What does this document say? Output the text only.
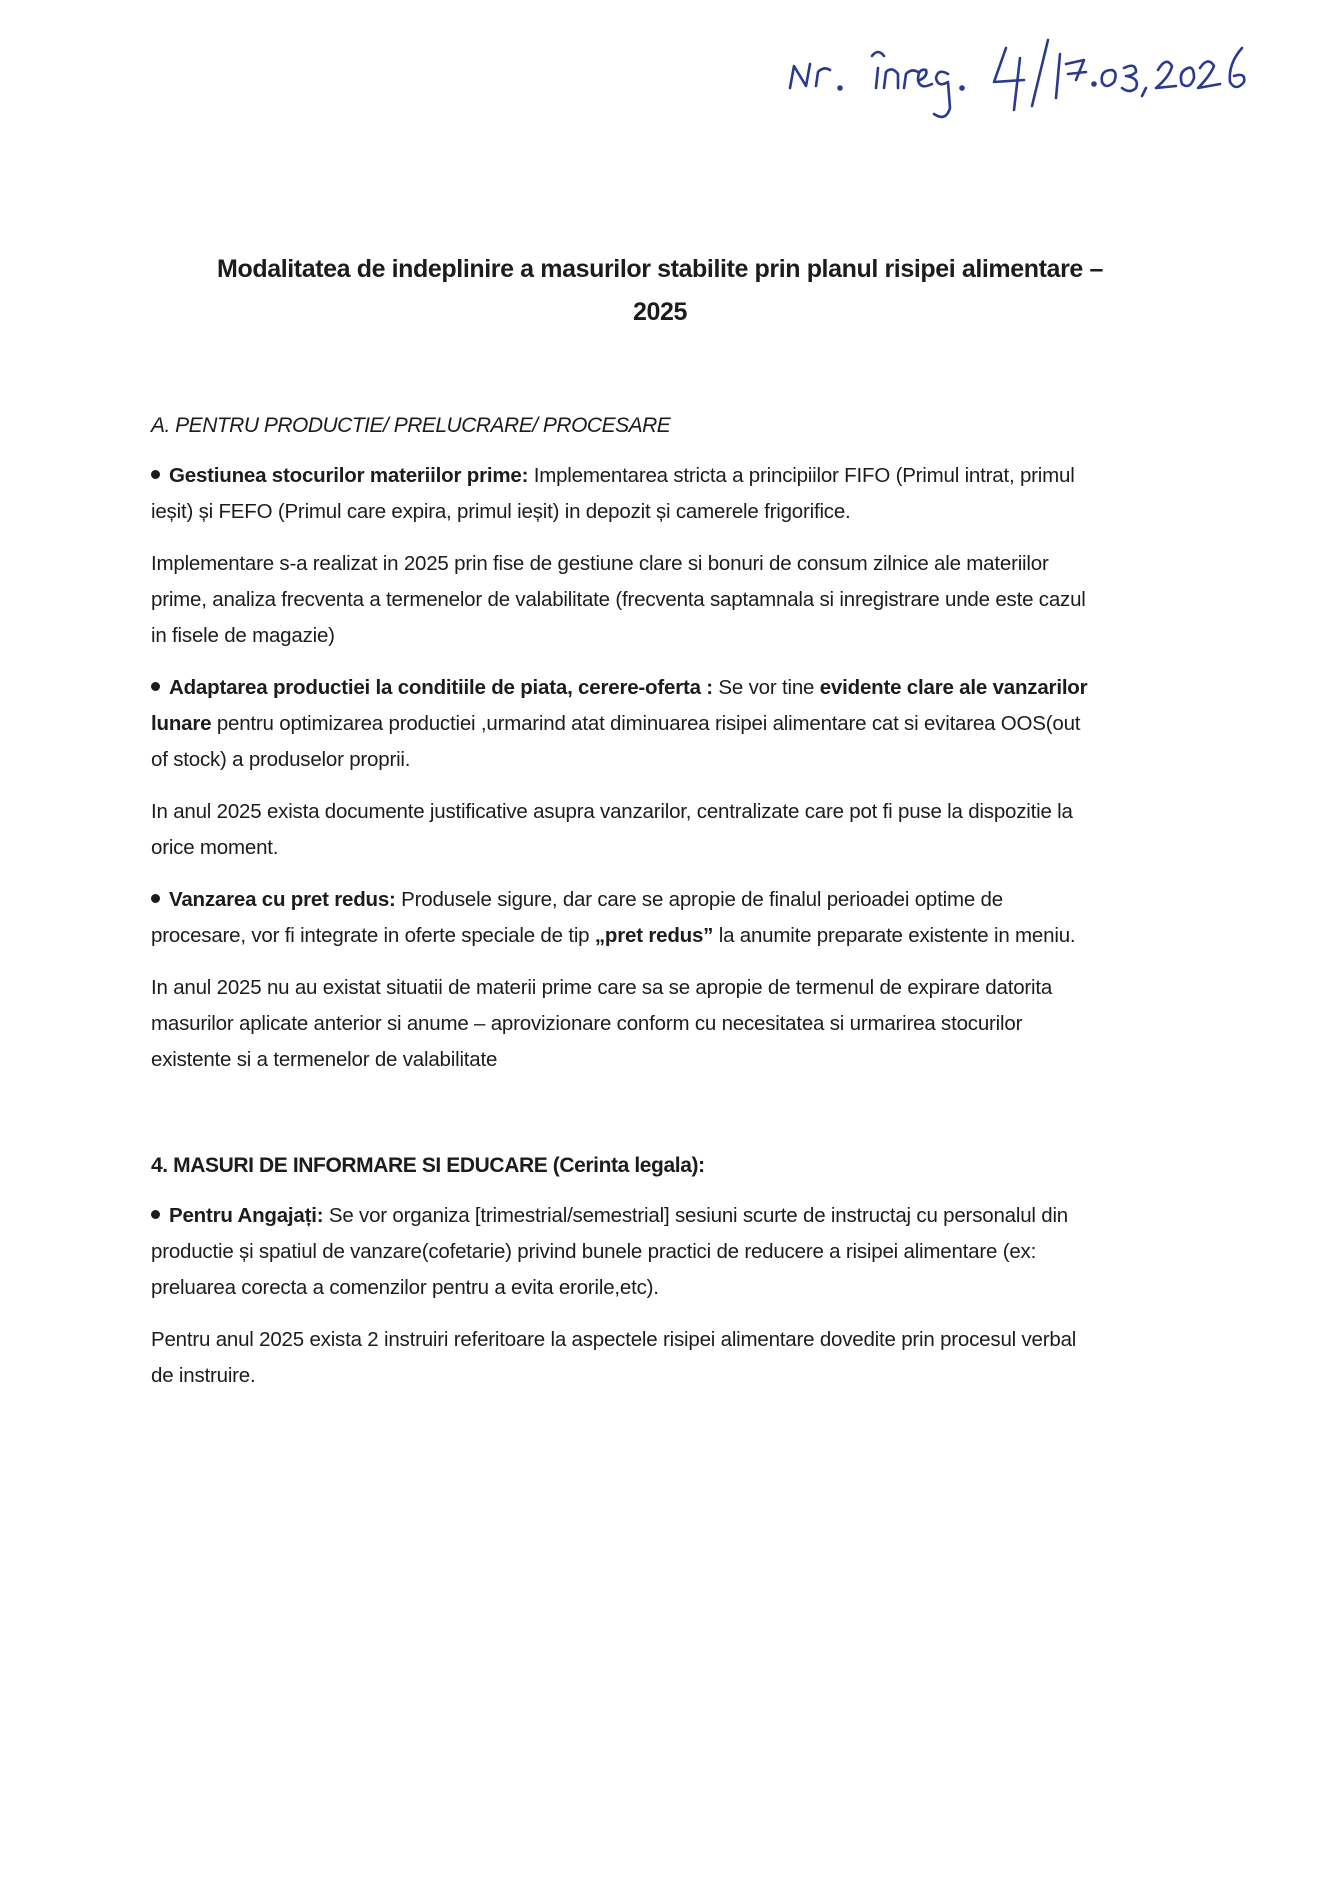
Modalitatea de indeplinire a masurilor stabilite prin planul risipei alimentare –
2025
A. PENTRU PRODUCTIE/ PRELUCRARE/ PROCESARE

Gestiunea stocurilor materiilor prime: Implementarea stricta a principiilor FIFO (Primul intrat, primul ieșit) și FEFO (Primul care expira, primul ieșit) in depozit și camerele frigorifice.

Implementare s-a realizat in 2025 prin fise de gestiune clare si bonuri de consum zilnice ale materiilor prime, analiza frecventa a termenelor de valabilitate (frecventa saptamnala si inregistrare unde este cazul in fisele de magazie)

Adaptarea productiei la conditiile de piata, cerere-oferta : Se vor tine evidente clare ale vanzarilor lunare pentru optimizarea productiei ,urmarind atat diminuarea risipei alimentare cat si evitarea OOS(out of stock) a produselor proprii.

In anul 2025 exista documente justificative asupra vanzarilor, centralizate care pot fi puse la dispozitie la orice moment.

Vanzarea cu pret redus: Produsele sigure, dar care se apropie de finalul perioadei optime de procesare, vor fi integrate in oferte speciale de tip „pret redus” la anumite preparate existente in meniu.

In anul 2025 nu au existat situatii de materii prime care sa se apropie de termenul de expirare datorita masurilor aplicate anterior si anume – aprovizionare conform cu necesitatea si urmarirea stocurilor existente si a termenelor de valabilitate

4. MASURI DE INFORMARE SI EDUCARE (Cerinta legala):

Pentru Angajați: Se vor organiza [trimestrial/semestrial] sesiuni scurte de instructaj cu personalul din productie și spatiul de vanzare(cofetarie) privind bunele practici de reducere a risipei alimentare (ex: preluarea corecta a comenzilor pentru a evita erorile,etc).

Pentru anul 2025 exista 2 instruiri referitoare la aspectele risipei alimentare dovedite prin procesul verbal de instruire.
